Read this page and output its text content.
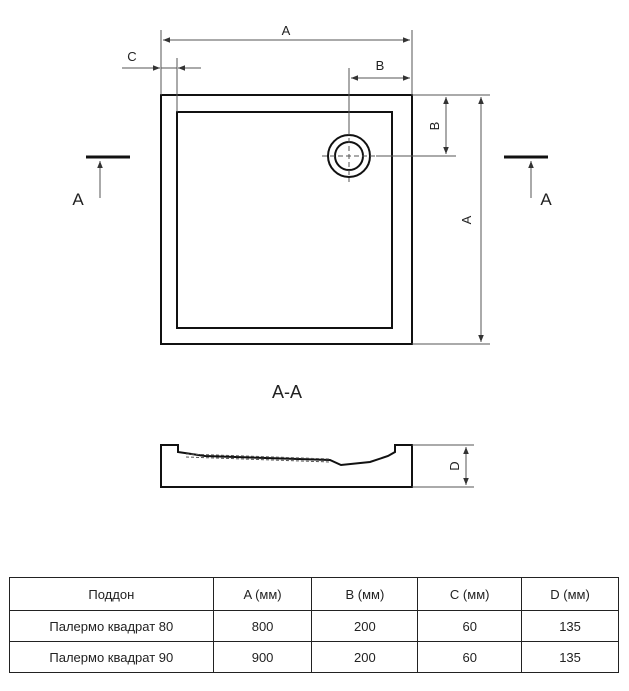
A
C
B
B
A
A	A
A-A
D
Поддон	A (мм)	B (мм)	C (мм)	D (мм)
Палермо квадрат 80	800	200	60	135
Палермо квадрат 90	900	200	60	135
